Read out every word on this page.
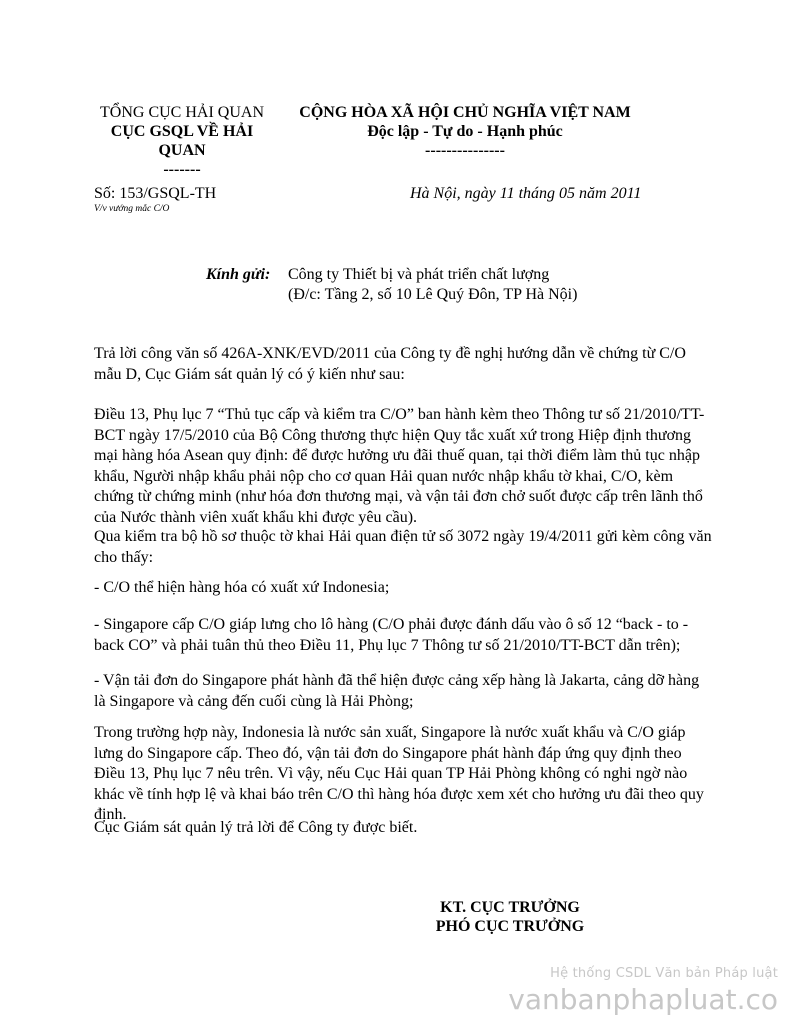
TỔNG CỤC HẢI QUAN
CỤC GSQL VỀ HẢI
QUAN
-------
CỘNG HÒA XÃ HỘI CHỦ NGHĨA VIỆT NAM
Độc lập - Tự do - Hạnh phúc
---------------
Số: 153/GSQL-TH
V/v vướng mắc C/O
Hà Nội, ngày 11 tháng 05 năm 2011
Kính gửi: Công ty Thiết bị và phát triển chất lượng
(Đ/c: Tầng 2, số 10 Lê Quý Đôn, TP Hà Nội)

Trả lời công văn số 426A-XNK/EVD/2011 của Công ty đề nghị hướng dẫn về chứng từ C/O mẫu D, Cục Giám sát quản lý có ý kiến như sau:

Điều 13, Phụ lục 7 “Thủ tục cấp và kiểm tra C/O” ban hành kèm theo Thông tư số 21/2010/TT-BCT ngày 17/5/2010 của Bộ Công thương thực hiện Quy tắc xuất xứ trong Hiệp định thương mại hàng hóa Asean quy định: để được hưởng ưu đãi thuế quan, tại thời điểm làm thủ tục nhập khẩu, Người nhập khẩu phải nộp cho cơ quan Hải quan nước nhập khẩu tờ khai, C/O, kèm chứng từ chứng minh (như hóa đơn thương mại, và vận tải đơn chở suốt được cấp trên lãnh thổ của Nước thành viên xuất khẩu khi được yêu cầu).

Qua kiểm tra bộ hồ sơ thuộc tờ khai Hải quan điện tử số 3072 ngày 19/4/2011 gửi kèm công văn cho thấy:

- C/O thể hiện hàng hóa có xuất xứ Indonesia;

- Singapore cấp C/O giáp lưng cho lô hàng (C/O phải được đánh dấu vào ô số 12 “back - to - back CO” và phải tuân thủ theo Điều 11, Phụ lục 7 Thông tư số 21/2010/TT-BCT dẫn trên);

- Vận tải đơn do Singapore phát hành đã thể hiện được cảng xếp hàng là Jakarta, cảng dỡ hàng là Singapore và cảng đến cuối cùng là Hải Phòng;

Trong trường hợp này, Indonesia là nước sản xuất, Singapore là nước xuất khẩu và C/O giáp lưng do Singapore cấp. Theo đó, vận tải đơn do Singapore phát hành đáp ứng quy định theo Điều 13, Phụ lục 7 nêu trên. Vì vậy, nếu Cục Hải quan TP Hải Phòng không có nghi ngờ nào khác về tính hợp lệ và khai báo trên C/O thì hàng hóa được xem xét cho hưởng ưu đãi theo quy định.

Cục Giám sát quản lý trả lời để Công ty được biết.

KT. CỤC TRƯỞNG
PHÓ CỤC TRƯỞNG
Hệ thống CSDL Văn bản Pháp luật
vanbanphapluat.co
